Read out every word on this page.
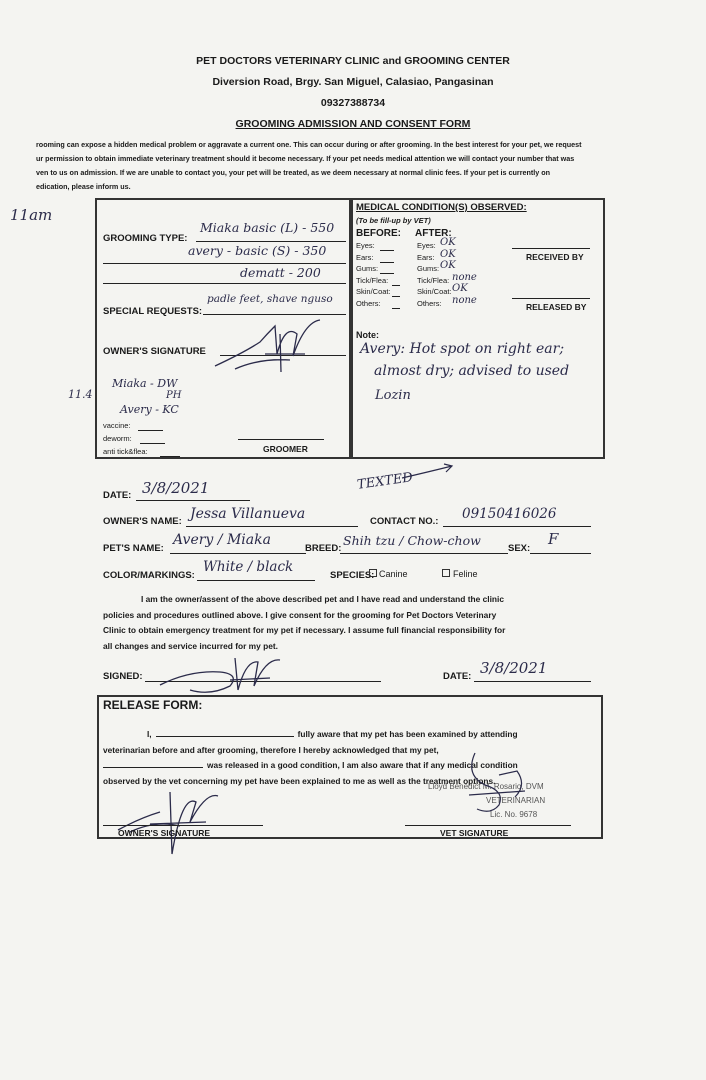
PET DOCTORS VETERINARY CLINIC and GROOMING CENTER
Diversion Road, Brgy. San Miguel, Calasiao, Pangasinan
09327388734
GROOMING ADMISSION AND CONSENT FORM
rooming can expose a hidden medical problem or aggravate a current one. This can occur during or after grooming. In the best interest for your pet, we request
ur permission to obtain immediate veterinary treatment should it become necessary. If your pet needs medical attention we will contact your number that was
ven to us on admission. If we are unable to contact you, your pet will be treated, as we deem necessary at normal clinic fees. If your pet is currently on
edication, please inform us.
11am
11.4
GROOMING TYPE:
Miaka basic (L) - 550
avery - basic (S) - 350
dematt - 200
SPECIAL REQUESTS:
padle feet, shave nguso
OWNER'S SIGNATURE
Miaka - DW
PH
Avery - KC
vaccine:
deworm:
anti tick&flea:	GROOMER
MEDICAL CONDITION(S) OBSERVED:
(To be fill-up by VET)
BEFORE: AFTER:
Eyes:	Eyes: OK
Ears:	Ears: OK
Gums:	Gums: OK
Tick/Flea:	Tick/Flea: none
Skin/Coat:	Skin/Coat: OK
Others:	Others: none
RECEIVED BY
RELEASED BY
Note:
Avery: Hot spot on right ear;
almost dry; advised to used
Lozin
TEXTED
DATE: 3/8/2021
OWNER'S NAME: Jessa Villanueva	CONTACT NO.: 09150416026
PET'S NAME:
Avery / Miaka
BREED:
Shih tzu / Chow-chow
SEX:
F
COLOR/MARKINGS:
White / black
SPECIES: Canine	Feline
I am the owner/assent of the above described pet and I have read and understand the clinic
policies and procedures outlined above. I give consent for the grooming for Pet Doctors Veterinary
Clinic to obtain emergency treatment for my pet if necessary. I assume full financial responsibility for
all changes and service incurred for my pet.
SIGNED:	DATE: 3/8/2021
RELEASE FORM:
I,	fully aware that my pet has been examined by attending
veterinarian before and after grooming, therefore I hereby acknowledged that my pet,
was released in a good condition, I am also aware that if any medical condition
observed by the vet concerning my pet have been explained to me as well as the treatment options.
OWNER'S SIGNATURE
Lloyd Benedict M. Rosario, DVM
VETERINARIAN
Lic. No. 9678
VET SIGNATURE
